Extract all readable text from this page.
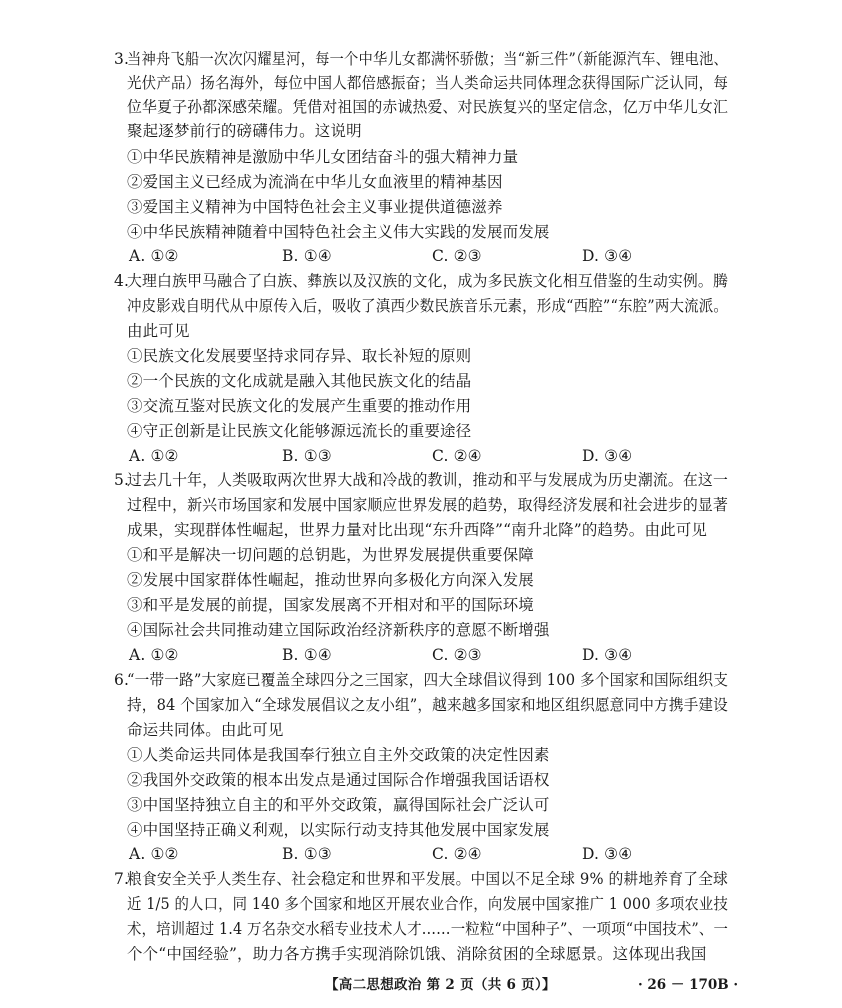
3.
当神舟飞船一次次闪耀星河，每一个中华儿女都满怀骄傲；当“新三件”（新能源汽车、锂电池、
光伏产品）扬名海外，每位中国人都倍感振奋；当人类命运共同体理念获得国际广泛认同，每
位华夏子孙都深感荣耀。凭借对祖国的赤诚热爱、对民族复兴的坚定信念，亿万中华儿女汇
聚起逐梦前行的磅礴伟力。这说明
①中华民族精神是激励中华儿女团结奋斗的强大精神力量
②爱国主义已经成为流淌在中华儿女血液里的精神基因
③爱国主义精神为中国特色社会主义事业提供道德滋养
④中华民族精神随着中国特色社会主义伟大实践的发展而发展
A. ①②	B. ①④	C. ②③	D. ③④
4.
大理白族甲马融合了白族、彝族以及汉族的文化，成为多民族文化相互借鉴的生动实例。腾
冲皮影戏自明代从中原传入后，吸收了滇西少数民族音乐元素，形成“西腔”“东腔”两大流派。
由此可见
①民族文化发展要坚持求同存异、取长补短的原则
②一个民族的文化成就是融入其他民族文化的结晶
③交流互鉴对民族文化的发展产生重要的推动作用
④守正创新是让民族文化能够源远流长的重要途径
A. ①②	B. ①③	C. ②④	D. ③④
5.
过去几十年，人类吸取两次世界大战和冷战的教训，推动和平与发展成为历史潮流。在这一
过程中，新兴市场国家和发展中国家顺应世界发展的趋势，取得经济发展和社会进步的显著
成果，实现群体性崛起，世界力量对比出现“东升西降”“南升北降”的趋势。由此可见
①和平是解决一切问题的总钥匙，为世界发展提供重要保障
②发展中国家群体性崛起，推动世界向多极化方向深入发展
③和平是发展的前提，国家发展离不开相对和平的国际环境
④国际社会共同推动建立国际政治经济新秩序的意愿不断增强
A. ①②	B. ①④	C. ②③	D. ③④
6.
“一带一路”大家庭已覆盖全球四分之三国家，四大全球倡议得到 100 多个国家和国际组织支
持，84 个国家加入“全球发展倡议之友小组”，越来越多国家和地区组织愿意同中方携手建设
命运共同体。由此可见
①人类命运共同体是我国奉行独立自主外交政策的决定性因素
②我国外交政策的根本出发点是通过国际合作增强我国话语权
③中国坚持独立自主的和平外交政策，赢得国际社会广泛认可
④中国坚持正确义利观，以实际行动支持其他发展中国家发展
A. ①②	B. ①③	C. ②④	D. ③④
7.
粮食安全关乎人类生存、社会稳定和世界和平发展。中国以不足全球 9% 的耕地养育了全球
近 1/5 的人口，同 140 多个国家和地区开展农业合作，向发展中国家推广 1 000 多项农业技
术，培训超过 1.4 万名杂交水稻专业技术人才……一粒粒“中国种子”、一项项“中国技术”、一
个个“中国经验”，助力各方携手实现消除饥饿、消除贫困的全球愿景。这体现出我国
【高二思想政治 第 2 页（共 6 页）】	· 26 － 170B ·
